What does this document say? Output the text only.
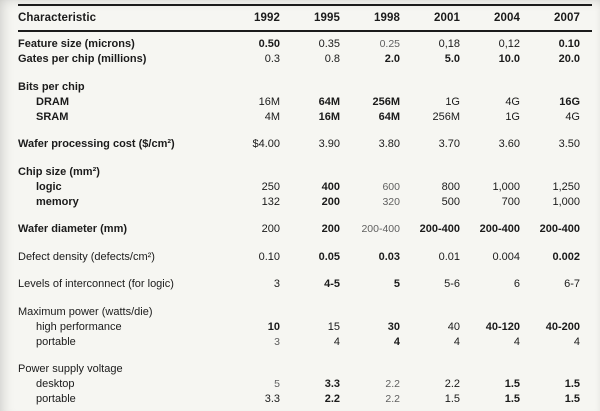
Characteristic	1992	1995	1998	2001	2004	2007
Feature size (microns)	0.50	0.35	0.25	0,18	0,12	0.10
Gates per chip (millions)	0.3	0.8	2.0	5.0	10.0	20.0
Bits per chip
DRAM	16M	64M	256M	1G	4G	16G
SRAM	4M	16M	64M	256M	1G	4G
Wafer processing cost ($/cm²)	$4.00	3.90	3.80	3.70	3.60	3.50
Chip size (mm²)
logic	250	400	600	800	1,000	1,250
memory	132	200	320	500	700	1,000
Wafer diameter (mm)	200	200	200-400	200-400	200-400	200-400
Defect density (defects/cm²)	0.10	0.05	0.03	0.01	0.004	0.002
Levels of interconnect (for logic)	3	4-5	5	5-6	6	6-7
Maximum power (watts/die)
high performance	10	15	30	40	40-120	40-200
portable	3	4	4	4	4	4
Power supply voltage
desktop	5	3.3	2.2	2.2	1.5	1.5
portable	3.3	2.2	2.2	1.5	1.5	1.5
